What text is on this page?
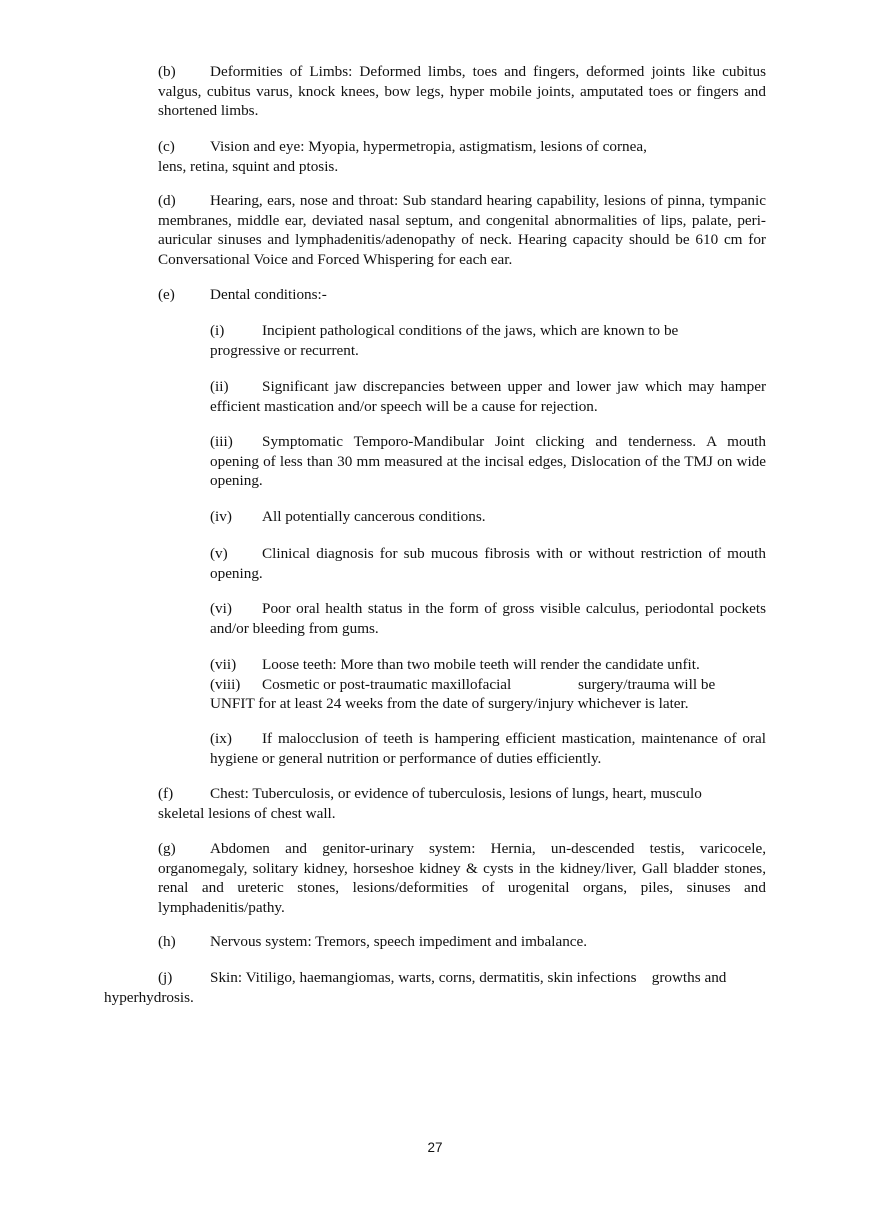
(b) Deformities of Limbs: Deformed limbs, toes and fingers, deformed joints like cubitus valgus, cubitus varus, knock knees, bow legs, hyper mobile joints, amputated toes or fingers and shortened limbs.

(c) Vision and eye: Myopia, hypermetropia, astigmatism, lesions of cornea,

lens, retina, squint and ptosis.

(d) Hearing, ears, nose and throat: Sub standard hearing capability, lesions of pinna, tympanic membranes, middle ear, deviated nasal septum, and congenital abnormalities of lips, palate, peri-auricular sinuses and lymphadenitis/adenopathy of neck. Hearing capacity should be 610 cm for Conversational Voice and Forced Whispering for each ear.

(e) Dental conditions:-

(i) Incipient pathological conditions of the jaws, which are known to be

progressive or recurrent.

(ii) Significant jaw discrepancies between upper and lower jaw which may hamper efficient mastication and/or speech will be a cause for rejection.

(iii) Symptomatic Temporo-Mandibular Joint clicking and tenderness. A mouth opening of less than 30 mm measured at the incisal edges, Dislocation of the TMJ on wide opening.

(iv) All potentially cancerous conditions.

(v) Clinical diagnosis for sub mucous fibrosis with or without restriction of mouth opening.

(vi) Poor oral health status in the form of gross visible calculus, periodontal pockets and/or bleeding from gums.

(vii) Loose teeth: More than two mobile teeth will render the candidate unfit.

(viii) Cosmetic or post-traumatic maxillofacial	surgery/trauma will be

UNFIT for at least 24 weeks from the date of surgery/injury whichever is later.

(ix) If malocclusion of teeth is hampering efficient mastication, maintenance of oral hygiene or general nutrition or performance of duties efficiently.

(f) Chest: Tuberculosis, or evidence of tuberculosis, lesions of lungs, heart, musculo

skeletal lesions of chest wall.

(g) Abdomen and genitor-urinary system: Hernia, un-descended testis, varicocele, organomegaly, solitary kidney, horseshoe kidney & cysts in the kidney/liver, Gall bladder stones, renal and ureteric stones, lesions/deformities of urogenital organs, piles, sinuses and lymphadenitis/pathy.

(h) Nervous system: Tremors, speech impediment and imbalance.

(j) Skin: Vitiligo, haemangiomas, warts, corns, dermatitis, skin infections    growths and

hyperhydrosis.

27
